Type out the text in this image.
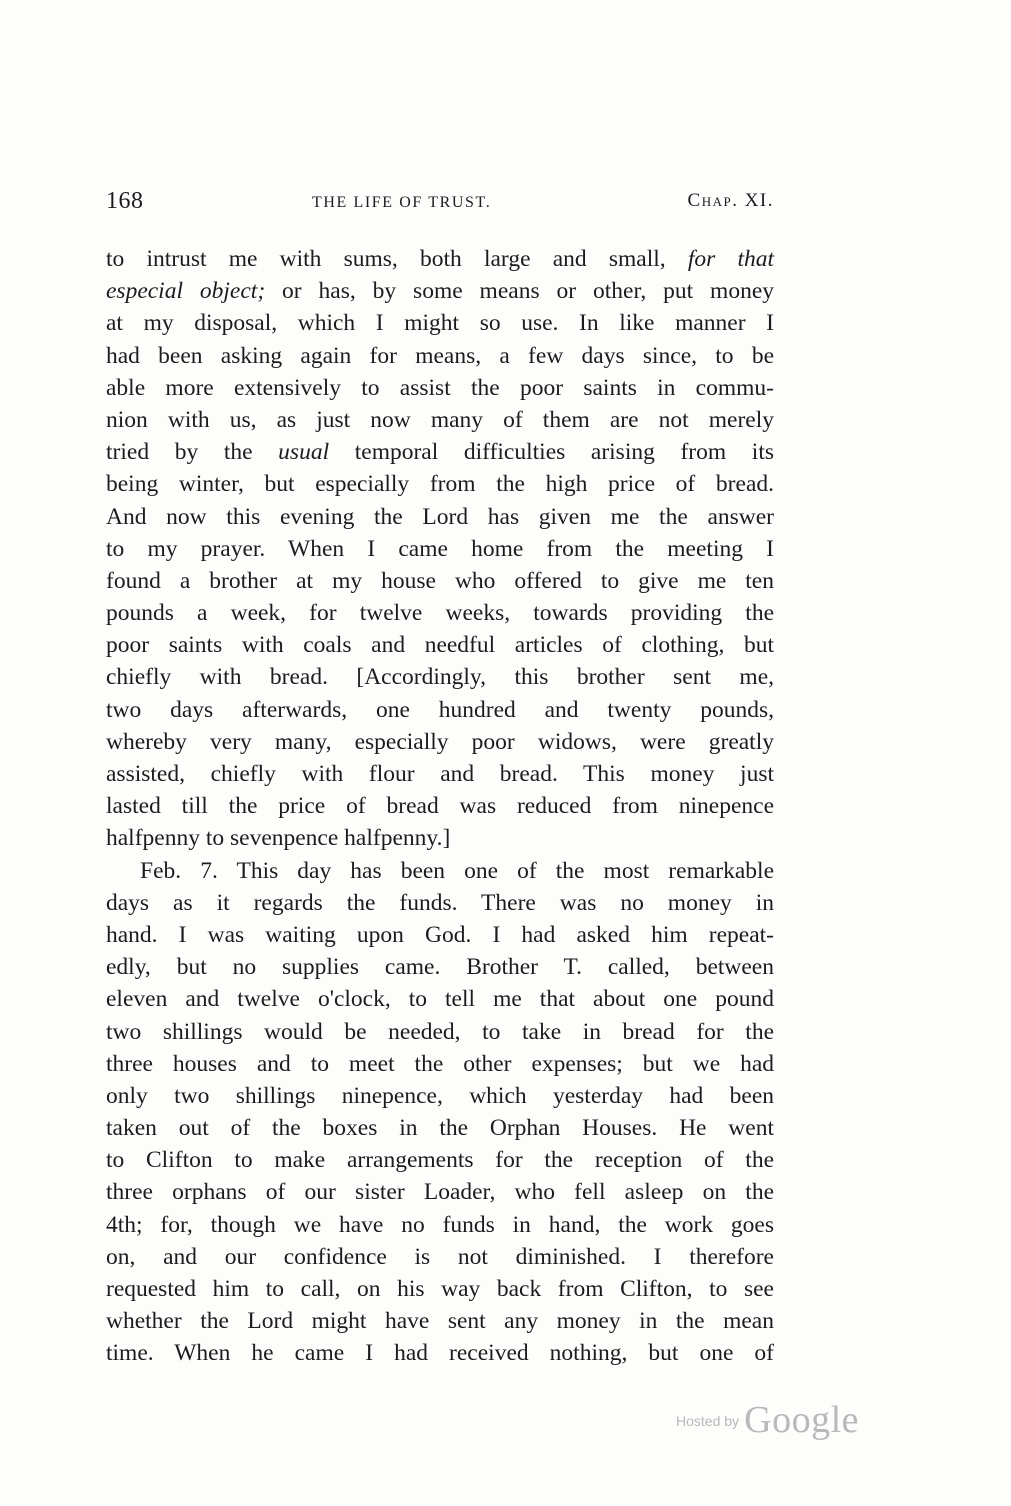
168	THE LIFE OF TRUST.	Chap. XI.
to intrust me with sums, both large and small, for that
especial object; or has, by some means or other, put money
at my disposal, which I might so use. In like manner I
had been asking again for means, a few days since, to be
able more extensively to assist the poor saints in commu-
nion with us, as just now many of them are not merely
tried by the usual temporal difficulties arising from its
being winter, but especially from the high price of bread.
And now this evening the Lord has given me the answer
to my prayer. When I came home from the meeting I
found a brother at my house who offered to give me ten
pounds a week, for twelve weeks, towards providing the
poor saints with coals and needful articles of clothing, but
chiefly with bread. [Accordingly, this brother sent me,
two days afterwards, one hundred and twenty pounds,
whereby very many, especially poor widows, were greatly
assisted, chiefly with flour and bread. This money just
lasted till the price of bread was reduced from ninepence
halfpenny to sevenpence halfpenny.]
Feb. 7. This day has been one of the most remarkable
days as it regards the funds. There was no money in
hand. I was waiting upon God. I had asked him repeat-
edly, but no supplies came. Brother T. called, between
eleven and twelve o'clock, to tell me that about one pound
two shillings would be needed, to take in bread for the
three houses and to meet the other expenses; but we had
only two shillings ninepence, which yesterday had been
taken out of the boxes in the Orphan Houses. He went
to Clifton to make arrangements for the reception of the
three orphans of our sister Loader, who fell asleep on the
4th; for, though we have no funds in hand, the work goes
on, and our confidence is not diminished. I therefore
requested him to call, on his way back from Clifton, to see
whether the Lord might have sent any money in the mean
time. When he came I had received nothing, but one of
Hosted by Google
